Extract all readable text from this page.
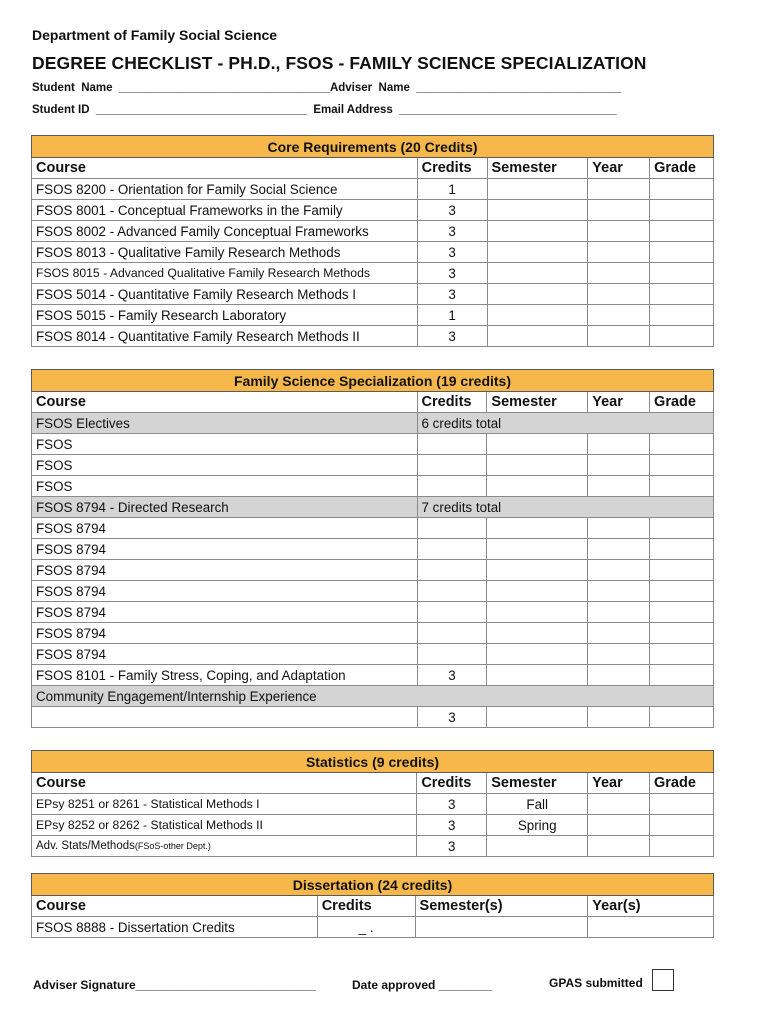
Department of Family Social Science
DEGREE CHECKLIST - PH.D., FSOS - FAMILY SCIENCE SPECIALIZATION
Student  Name  _________________________________Adviser  Name  ________________________________
Student ID  _________________________________  Email Address  __________________________________
Core Requirements (20 Credits)				
Course	Credits	Semester	Year	Grade
FSOS 8200 - Orientation for Family Social Science	1			
FSOS 8001 - Conceptual Frameworks in the Family	3			
FSOS 8002 - Advanced Family Conceptual Frameworks	3			
FSOS 8013 - Qualitative Family Research Methods	3			
FSOS 8015 - Advanced Qualitative Family Research Methods	3			
FSOS 5014 - Quantitative Family Research Methods I	3			
FSOS 5015 - Family Research Laboratory	1			
FSOS 8014 - Quantitative Family Research Methods II	3			
Family Science Specialization (19 credits)				
Course	Credits	Semester	Year	Grade
FSOS Electives	6 credits total			
FSOS				
FSOS				
FSOS				
FSOS 8794 - Directed Research	7 credits total			
FSOS 8794				
FSOS 8794				
FSOS 8794				
FSOS 8794				
FSOS 8794				
FSOS 8794				
FSOS 8794				
FSOS 8101 - Family Stress, Coping, and Adaptation	3			
Community Engagement/Internship Experience				
	3			
Statistics (9 credits)				
Course	Credits	Semester	Year	Grade
EPsy 8251 or 8261 - Statistical Methods I	3	Fall		
EPsy 8252 or 8262 - Statistical Methods II	3	Spring		
Adv. Stats/Methods(FSoS-other Dept.)	3			
Dissertation (24 credits)			
Course	Credits	Semester(s)	Year(s)
FSOS 8888 - Dissertation Credits	_ .		
Adviser Signature___________________________	Date approved ________	GPAS submitted
